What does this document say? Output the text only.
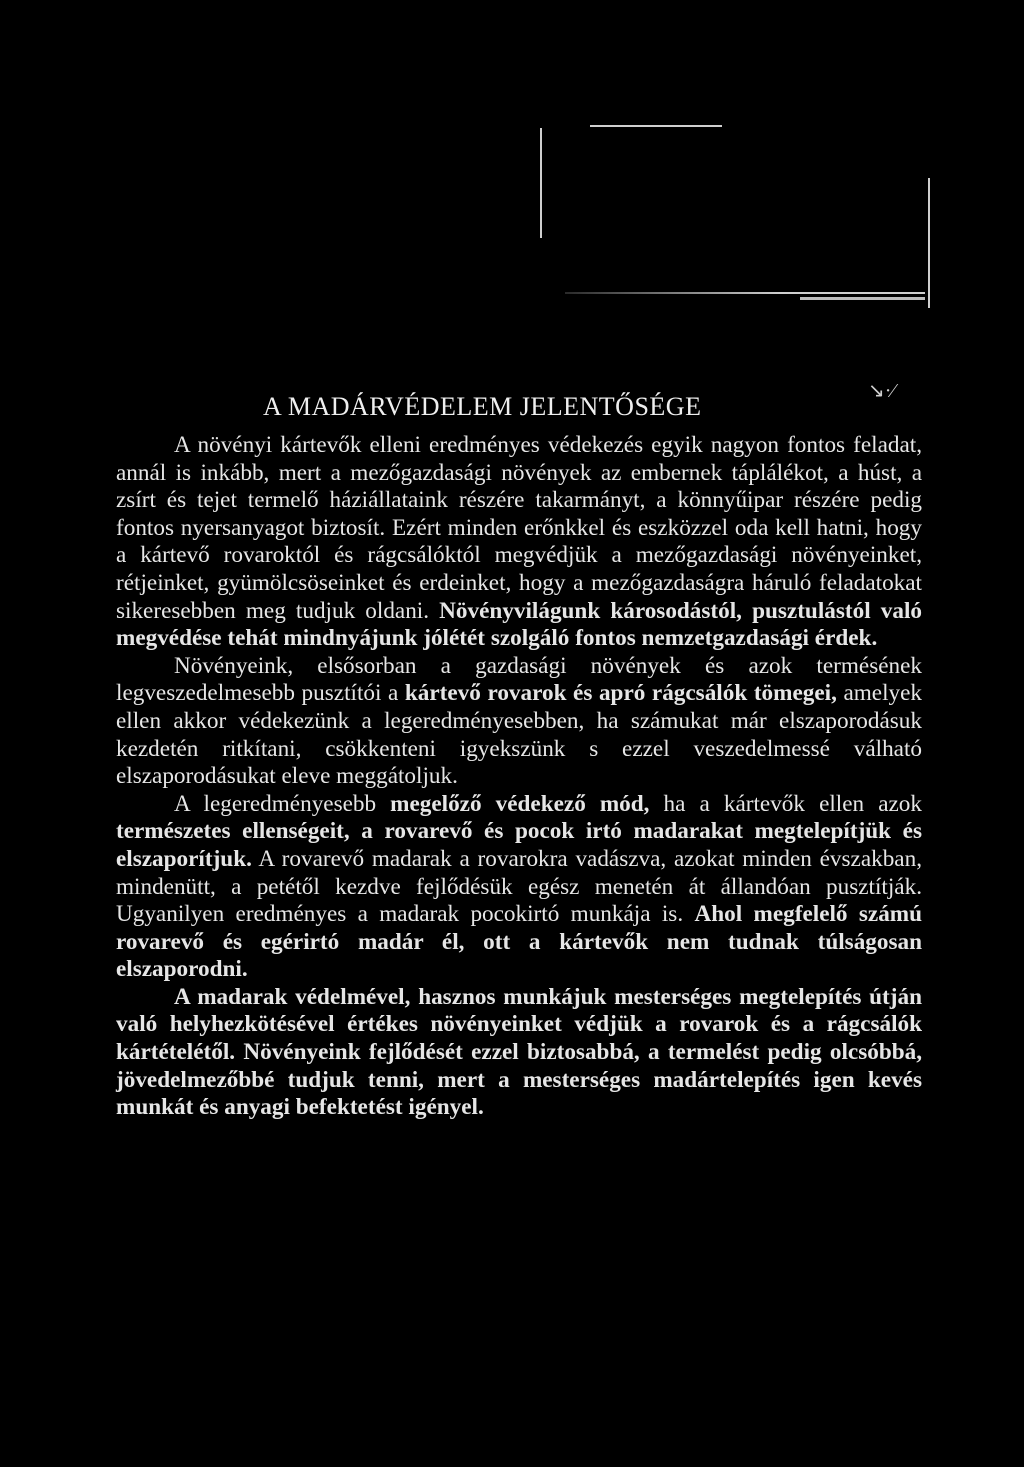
A MADÁRVÉDELEM JELENTŐSÉGE
↘·⁄

A növényi kártevők elleni eredményes védekezés egyik nagyon fontos feladat, annál is inkább, mert a mezőgazdasági növények az embernek táplálékot, a húst, a zsírt és tejet termelő háziállataink részére takarmányt, a könnyűipar részére pedig fontos nyersanyagot biztosít. Ezért minden erőnkkel és eszközzel oda kell hatni, hogy a kártevő rovaroktól és rágcsálóktól megvédjük a mezőgazdasági növényeinket, rétjeinket, gyümölcsöseinket és erdeinket, hogy a mezőgazdaságra háruló feladatokat sikeresebben meg tudjuk oldani. Növényvilágunk károsodástól, pusztulástól való megvédése tehát mindnyájunk jólétét szolgáló fontos nemzetgazdasági érdek.

Növényeink, elsősorban a gazdasági növények és azok termésének legveszedelmesebb pusztítói a kártevő rovarok és apró rágcsálók tömegei, amelyek ellen akkor védekezünk a legeredményesebben, ha számukat már elszaporodásuk kezdetén ritkítani, csökkenteni igyekszünk s ezzel veszedelmessé válható elszaporodásukat eleve meggátoljuk.

A legeredményesebb megelőző védekező mód, ha a kártevők ellen azok természetes ellenségeit, a rovarevő és pocok irtó madarakat megtelepítjük és elszaporítjuk. A rovarevő madarak a rovarokra vadászva, azokat minden évszakban, mindenütt, a petétől kezdve fejlődésük egész menetén át állandóan pusztítják. Ugyanilyen eredményes a madarak pocokirtó munkája is. Ahol megfelelő számú rovarevő és egérirtó madár él, ott a kártevők nem tudnak túlságosan elszaporodni.

A madarak védelmével, hasznos munkájuk mesterséges megtelepítés útján való helyhezkötésével értékes növényeinket védjük a rovarok és a rágcsálók kártételétől. Növényeink fejlődését ezzel biztosabbá, a termelést pedig olcsóbbá, jövedelmezőbbé tudjuk tenni, mert a mesterséges madártelepítés igen kevés munkát és anyagi befektetést igényel.
